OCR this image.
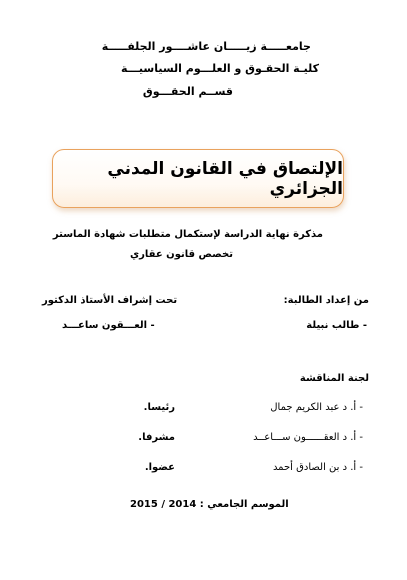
جامعـــــة زيـــــان عاشــــور الجلفـــــة
كليـة الحقـوق و العلـــوم السياسيـــة
قســم الحقـــوق
الإلتصاق في القانون المدني الجزائري
مذكرة نهاية الدراسة لإستكمال متطلبات شهادة الماستر
تخصص قانون عقاري
من إعداد الطالبة:
تحت إشراف الأستاذ الدكتور
- طالب نبيلة
- العـــقون ساعـــد
لجنة المناقشة
- أ. د عبد الكريم جمال
رئيسا.
- أ. د العقــــــون ســـاعــد
مشرفا.
- أ. د بن الصادق أحمد
عضوا.
الموسم الجامعي : 2014 / 2015
